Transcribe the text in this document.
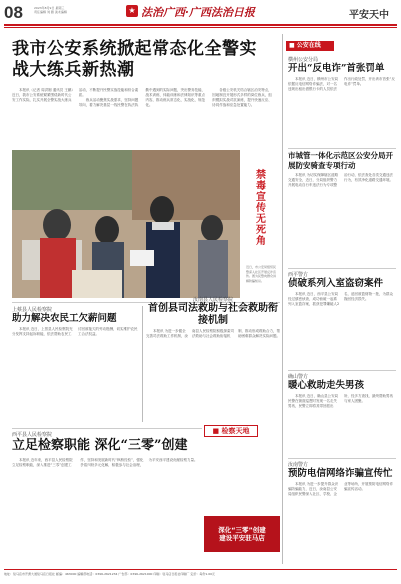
08	2023年8月9日 星期三
责任编辑 刘 薇 美术编辑	★ 法治广西·广西法治日报	平安天中
我市公安系统掀起常态化全警实战大练兵新热潮

本报讯（记者 周洪刚 通讯员 王鹏）近日，我市公安系统紧紧围绕新时代公安工作实际，扎实开展全警实战大练兵活动，不断提升民警实战技能和综合素质。

练兵活动聚焦实战需求，坚持问题导向，着力解决基层一线民警在执法执勤中遇到的实际问题，突出警务技能、战术训练、体能训练和法律知识等重点内容，推动练兵常态化、实战化、规范化。

各级公安机关结合辖区治安特点，因地制宜开展形式多样的岗位练兵，组织模拟实战对抗演练，提升快速反应、协同作战和应急处置能力。

禁毒宣传无死角
近日，市公安局组织民警深入社区开展反诈宣传。图为民警向群众讲解防骗知识。
■ 公安在线
横州公安分局
开出“反电诈”首张罚单

本报讯 近日，横州市公安局依据反电信网络诈骗法，对一名违规出租出借银行卡的人员依法作出行政处罚，开出该市首张“反电诈”罚单。

市城管一体化示范区公安分局开展防安骑查专项行动

本报讯 为切实保障辖区道路交通安全，近日，分局组织警力开展电动自行车违法行为专项整治行动，依法查处各类交通违法行为，有效净化道路交通环境。

西平警方
侦破系列入室盗窃案件

本报讯 近日，西平县公安局经过缜密侦查，成功侦破一起系列入室盗窃案，抓获犯罪嫌疑人2名，追回被盗财物一批，为群众挽回经济损失。

确山警方
暖心救助走失男孩

本报讯 近日，确山县公安局民警在街面巡逻时发现一名走失男孩，民警立即将其带回派出所，经多方查找，最终帮助男孩与家人团聚。

汝南警方
预防电信网络诈骗宣传忙

本报讯 为进一步提升群众识骗防骗能力，近日，汝南县公安局组织民警深入社区、学校、企业等场所，开展预防电信网络诈骗宣传活动。

上蔡县人民检察院
助力解决农民工欠薪问题

本报讯 近日，上蔡县人民检察院充分发挥支持起诉职能，依法帮助农民工讨回被拖欠的劳动报酬，切实维护农民工合法权益。

汝南县人民检察院
首创县司法救助与社会救助衔接机制

本报讯 为进一步健全完善司法救助工作机制，汝南县人民检察院积极探索司法救助与社会救助衔接机制，推动形成救助合力，帮助困难群众解决实际问题。

■ 检察天地
西平县人民检察院
立足检察职能 深化“三零”创建

本报讯 近年来，西平县人民检察院立足检察职能，深入推进“三零”创建工作，坚持和发展新时代“枫桥经验”，强化矛盾纠纷多元化解，积极参与社会治理，为平安西平建设贡献检察力量。

深化“三零”创建
建设平安驻马店
地址：驻马店市开源大道驻马店日报社 邮编：463000 编辑部电话：0396-2621234 广告部：0396-2621000 印刷：驻马店日报社印刷厂 定价：每份1.00元
